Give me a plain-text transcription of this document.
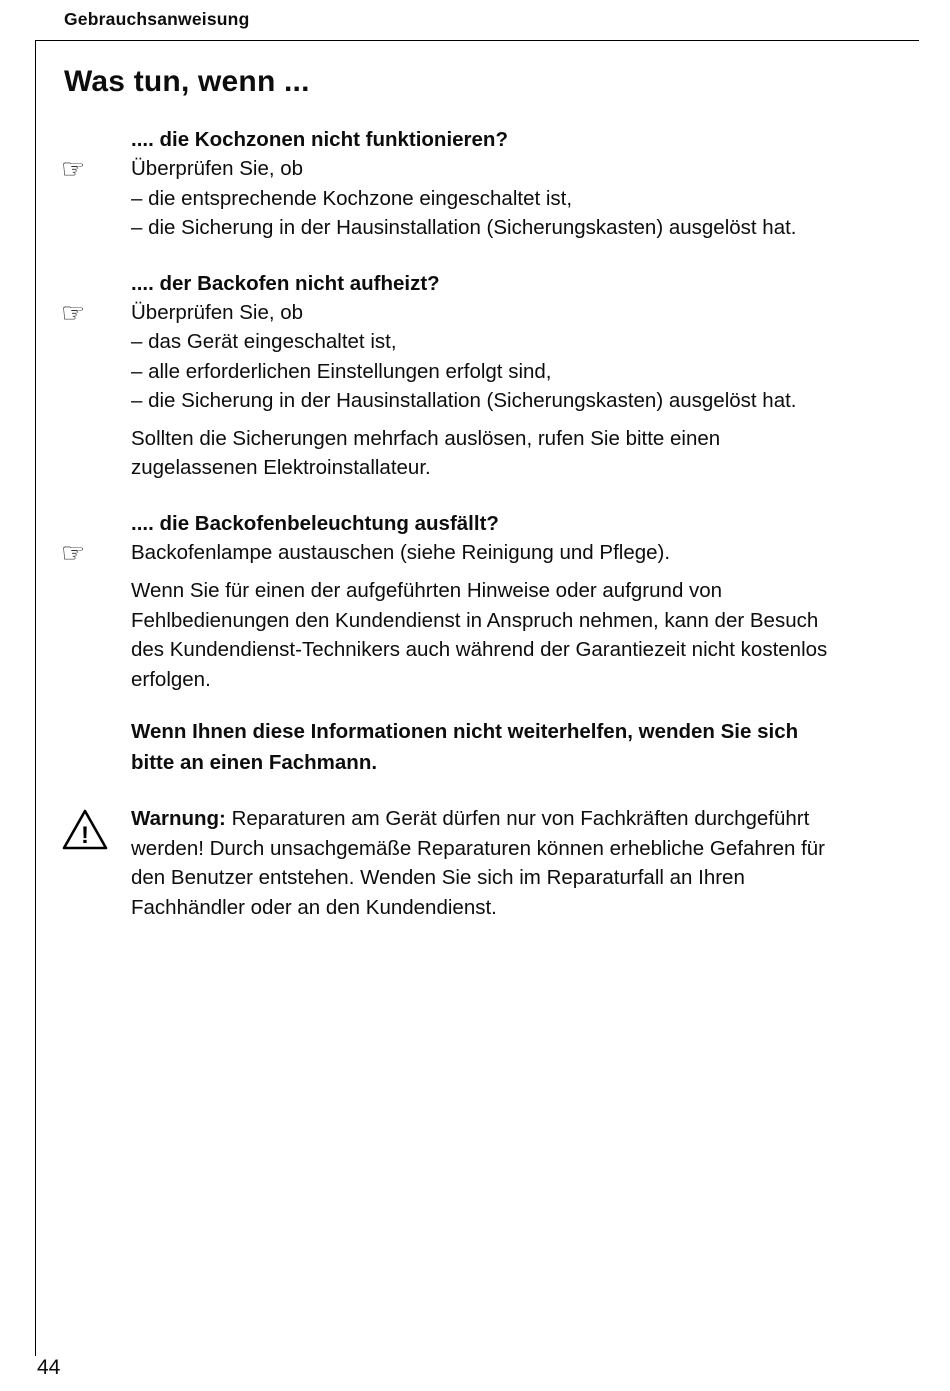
Gebrauchsanweisung
Was tun, wenn ...
.... die Kochzonen nicht funktionieren?
☞	Überprüfen Sie, ob
– die entsprechende Kochzone eingeschaltet ist,
– die Sicherung in der Hausinstallation (Sicherungskasten) ausgelöst hat.
.... der Backofen nicht aufheizt?
☞	Überprüfen Sie, ob
– das Gerät eingeschaltet ist,
– alle erforderlichen Einstellungen erfolgt sind,
– die Sicherung in der Hausinstallation (Sicherungskasten) ausgelöst hat.

Sollten die Sicherungen mehrfach auslösen, rufen Sie bitte einen zugelassenen Elektroinstallateur.

.... die Backofenbeleuchtung ausfällt?
☞	Backofenlampe austauschen (siehe Reinigung und Pflege).

Wenn Sie für einen der aufgeführten Hinweise oder aufgrund von Fehlbedienungen den Kundendienst in Anspruch nehmen, kann der Besuch des Kundendienst-Technikers auch während der Garantiezeit nicht kostenlos erfolgen.

Wenn Ihnen diese Informationen nicht weiterhelfen, wenden Sie sich bitte an einen Fachmann.

!
Warnung: Reparaturen am Gerät dürfen nur von Fachkräften durchgeführt werden! Durch unsachgemäße Reparaturen können erhebliche Gefahren für den Benutzer entstehen. Wenden Sie sich im Reparaturfall an Ihren Fachhändler oder an den Kundendienst.
44
